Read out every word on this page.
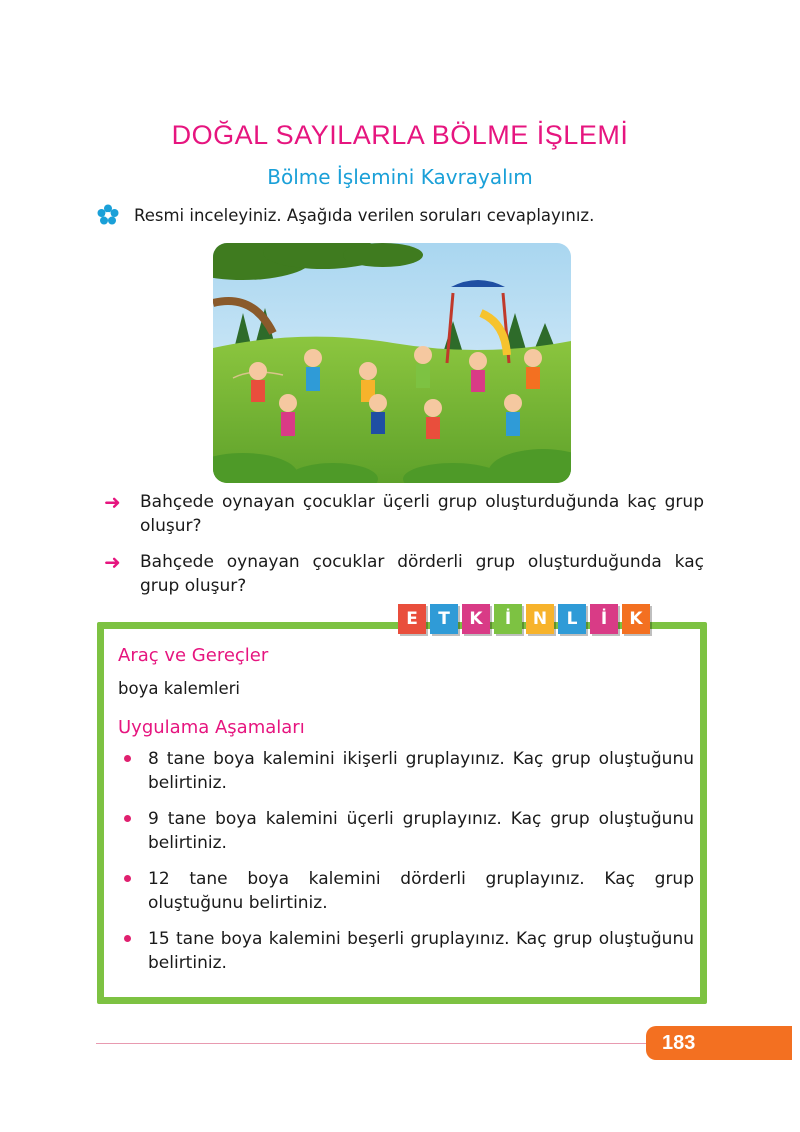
DOĞAL SAYILARLA BÖLME İŞLEMİ
Bölme İşlemini Kavrayalım
Resmi inceleyiniz. Aşağıda verilen soruları cevaplayınız.
➜	Bahçede oynayan çocuklar üçerli grup oluşturduğunda kaç grup oluşur?
➜	Bahçede oynayan çocuklar dörderli grup oluşturduğunda kaç grup oluşur?
E	T	K	İ	N	L	İ	K
Araç ve Gereçler
boya kalemleri
Uygulama Aşamaları
8 tane boya kalemini ikişerli gruplayınız. Kaç grup oluştuğunu belirtiniz.
9 tane boya kalemini üçerli gruplayınız. Kaç grup oluştuğunu belirtiniz.
12 tane boya kalemini dörderli gruplayınız. Kaç grup oluştuğunu belirtiniz.
15 tane boya kalemini beşerli gruplayınız. Kaç grup oluştuğunu belirtiniz.
183
